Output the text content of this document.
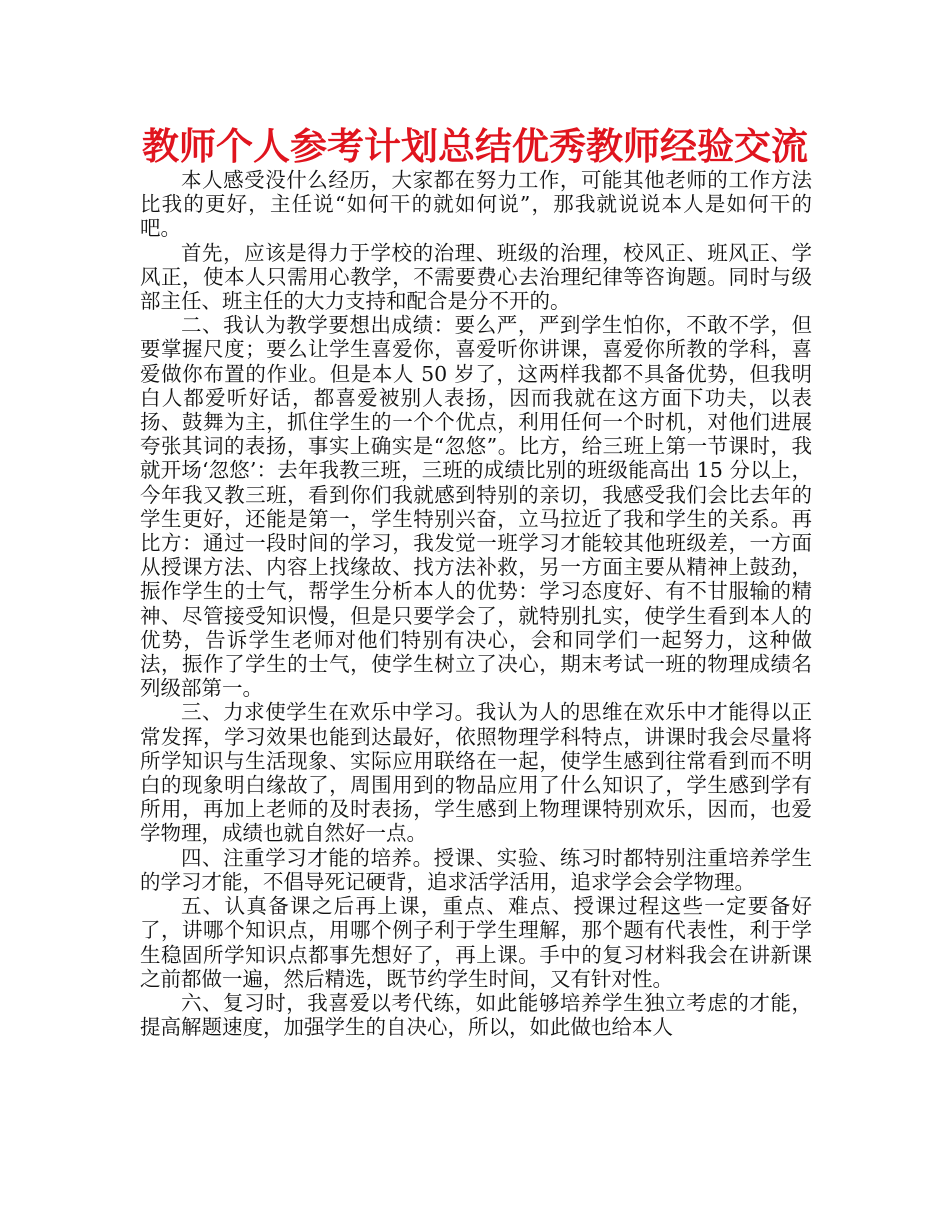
教师个人参考计划总结优秀教师经验交流

本人感受没什么经历，大家都在努力工作，可能其他老师的工作方法比我的更好，主任说“如何干的就如何说”，那我就说说本人是如何干的吧。

首先，应该是得力于学校的治理、班级的治理，校风正、班风正、学风正，使本人只需用心教学，不需要费心去治理纪律等咨询题。同时与级部主任、班主任的大力支持和配合是分不开的。

二、我认为教学要想出成绩：要么严，严到学生怕你，不敢不学，但要掌握尺度；要么让学生喜爱你，喜爱听你讲课，喜爱你所教的学科，喜爱做你布置的作业。但是本人 50 岁了，这两样我都不具备优势，但我明白人都爱听好话，都喜爱被别人表扬，因而我就在这方面下功夫，以表扬、鼓舞为主，抓住学生的一个个优点，利用任何一个时机，对他们进展夸张其词的表扬，事实上确实是“忽悠”。比方，给三班上第一节课时，我就开场‘忽悠’：去年我教三班，三班的成绩比别的班级能高出 15 分以上，今年我又教三班，看到你们我就感到特别的亲切，我感受我们会比去年的学生更好，还能是第一，学生特别兴奋，立马拉近了我和学生的关系。再比方：通过一段时间的学习，我发觉一班学习才能较其他班级差，一方面从授课方法、内容上找缘故、找方法补救，另一方面主要从精神上鼓劲，振作学生的士气，帮学生分析本人的优势：学习态度好、有不甘服输的精神、尽管接受知识慢，但是只要学会了，就特别扎实，使学生看到本人的优势，告诉学生老师对他们特别有决心，会和同学们一起努力，这种做法，振作了学生的士气，使学生树立了决心，期末考试一班的物理成绩名列级部第一。

三、力求使学生在欢乐中学习。我认为人的思维在欢乐中才能得以正常发挥，学习效果也能到达最好，依照物理学科特点，讲课时我会尽量将所学知识与生活现象、实际应用联络在一起，使学生感到往常看到而不明白的现象明白缘故了，周围用到的物品应用了什么知识了，学生感到学有所用，再加上老师的及时表扬，学生感到上物理课特别欢乐，因而，也爱学物理，成绩也就自然好一点。

四、注重学习才能的培养。授课、实验、练习时都特别注重培养学生的学习才能，不倡导死记硬背，追求活学活用，追求学会会学物理。

五、认真备课之后再上课，重点、难点、授课过程这些一定要备好了，讲哪个知识点，用哪个例子利于学生理解，那个题有代表性，利于学生稳固所学知识点都事先想好了，再上课。手中的复习材料我会在讲新课之前都做一遍，然后精选，既节约学生时间，又有针对性。

六、复习时，我喜爱以考代练，如此能够培养学生独立考虑的才能，提高解题速度，加强学生的自决心，所以，如此做也给本人
